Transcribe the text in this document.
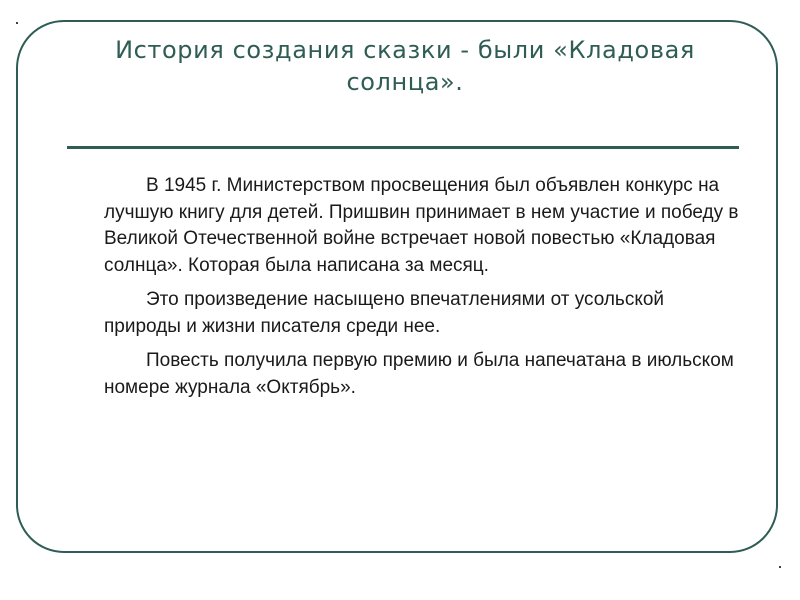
История создания сказки - были «Кладовая солнца».

В 1945 г. Министерством просвещения был объявлен конкурс на лучшую книгу для детей. Пришвин принимает в нем участие и победу в Великой Отечественной войне встречает новой повестью «Кладовая солнца». Которая была написана за месяц.

Это произведение насыщено впечатлениями от усольской природы и жизни писателя среди нее.

Повесть получила первую премию и была напечатана в июльском номере журнала «Октябрь».
